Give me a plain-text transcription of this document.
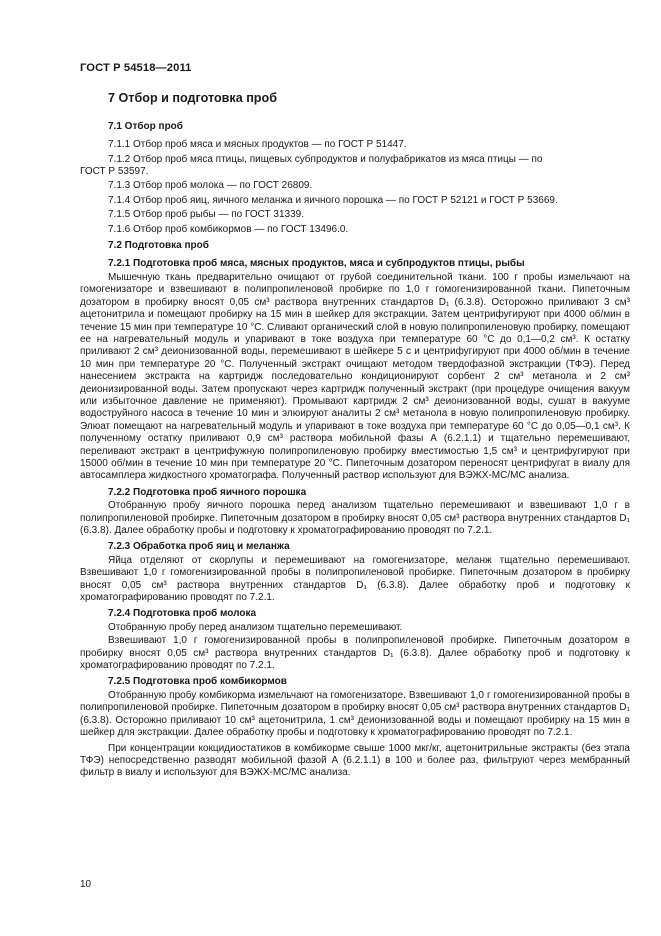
ГОСТ Р 54518—2011
7 Отбор и подготовка проб
7.1 Отбор проб
7.1.1 Отбор проб мяса и мясных продуктов — по ГОСТ Р 51447.
7.1.2 Отбор проб мяса птицы, пищевых субпродуктов и полуфабрикатов из мяса птицы — по
ГОСТ Р 53597.
7.1.3 Отбор проб молока — по ГОСТ 26809.
7.1.4 Отбор проб яиц, яичного меланжа и яичного порошка — по ГОСТ Р 52121 и ГОСТ Р 53669.
7.1.5 Отбор проб рыбы — по ГОСТ 31339.
7.1.6 Отбор проб комбикормов — по ГОСТ 13496.0.
7.2 Подготовка проб
7.2.1 Подготовка проб мяса, мясных продуктов, мяса и субпродуктов птицы, рыбы
Мышечную ткань предварительно очищают от грубой соединительной ткани. 100 г пробы измельчают на гомогенизаторе и взвешивают в полипропиленовой пробирке по 1,0 г гомогенизированной ткани. Пипеточным дозатором в пробирку вносят 0,05 см³ раствора внутренних стандартов D₁ (6.3.8). Осторожно приливают 3 см³ ацетонитрила и помещают пробирку на 15 мин в шейкер для экстракции. Затем центрифугируют при 4000 об/мин в течение 15 мин при температуре 10 °С. Сливают органический слой в новую полипропиленовую пробирку, помещают ее на нагревательный модуль и упаривают в токе воздуха при температуре 60 °С до 0,1—0,2 см³. К остатку приливают 2 см³ деионизованной воды, перемешивают в шейкере 5 с и центрифугируют при 4000 об/мин в течение 10 мин при температуре 20 °С. Полученный экстракт очищают методом твердофазной экстракции (ТФЭ). Перед нанесением экстракта на картридж последовательно кондиционируют сорбент 2 см³ метанола и 2 см³ деионизированной воды. Затем пропускают через картридж полученный экстракт (при процедуре очищения вакуум или избыточное давление не применяют). Промывают картридж 2 см³ деионизованной воды, сушат в вакууме водоструйного насоса в течение 10 мин и элюируют аналиты 2 см³ метанола в новую полипропиленовую пробирку. Элюат помещают на нагревательный модуль и упаривают в токе воздуха при температуре 60 °С до 0,05—0,1 см³. К полученному остатку приливают 0,9 см³ раствора мобильной фазы А (6.2.1.1) и тщательно перемешивают, переливают экстракт в центрифужную полипропиленовую пробирку вместимостью 1,5 см³ и центрифугируют при 15000 об/мин в течение 10 мин при температуре 20 °С. Пипеточным дозатором переносят центрифугат в виалу для автосамплера жидкостного хроматографа. Полученный раствор используют для ВЭЖХ-МС/МС анализа.
7.2.2 Подготовка проб яичного порошка
Отобранную пробу яичного порошка перед анализом тщательно перемешивают и взвешивают 1,0 г в полипропиленовой пробирке. Пипеточным дозатором в пробирку вносят 0,05 см³ раствора внутренних стандартов D₁ (6.3.8). Далее обработку пробы и подготовку к хроматографированию проводят по 7.2.1.
7.2.3 Обработка проб яиц и меланжа
Яйца отделяют от скорлупы и перемешивают на гомогенизаторе, меланж тщательно перемешивают. Взвешивают 1,0 г гомогенизированной пробы в полипропиленовой пробирке. Пипеточным дозатором в пробирку вносят 0,05 см³ раствора внутренних стандартов D₁ (6.3.8). Далее обработку проб и подготовку к хроматографированию проводят по 7.2.1.
7.2.4 Подготовка проб молока
Отобранную пробу перед анализом тщательно перемешивают.
Взвешивают 1,0 г гомогенизированной пробы в полипропиленовой пробирке. Пипеточным дозатором в пробирку вносят 0,05 см³ раствора внутренних стандартов D₁ (6.3.8). Далее обработку проб и подготовку к хроматографированию проводят по 7.2.1.
7.2.5 Подготовка проб комбикормов
Отобранную пробу комбикорма измельчают на гомогенизаторе. Взвешивают 1,0 г гомогенизированной пробы в полипропиленовой пробирке. Пипеточным дозатором в пробирку вносят 0,05 см³ раствора внутренних стандартов D₁ (6.3.8). Осторожно приливают 10 см³ ацетонитрила, 1 см³ деионизованной воды и помещают пробирку на 15 мин в шейкер для экстракции. Далее обработку пробы и подготовку к хроматографированию проводят по 7.2.1.
При концентрации кокцидиостатиков в комбикорме свыше 1000 мкг/кг, ацетонитрильные экстракты (без этапа ТФЭ) непосредственно разводят мобильной фазой А (6.2.1.1) в 100 и более раз, фильтруют через мембранный фильтр в виалу и используют для ВЭЖХ-МС/МС анализа.
10
